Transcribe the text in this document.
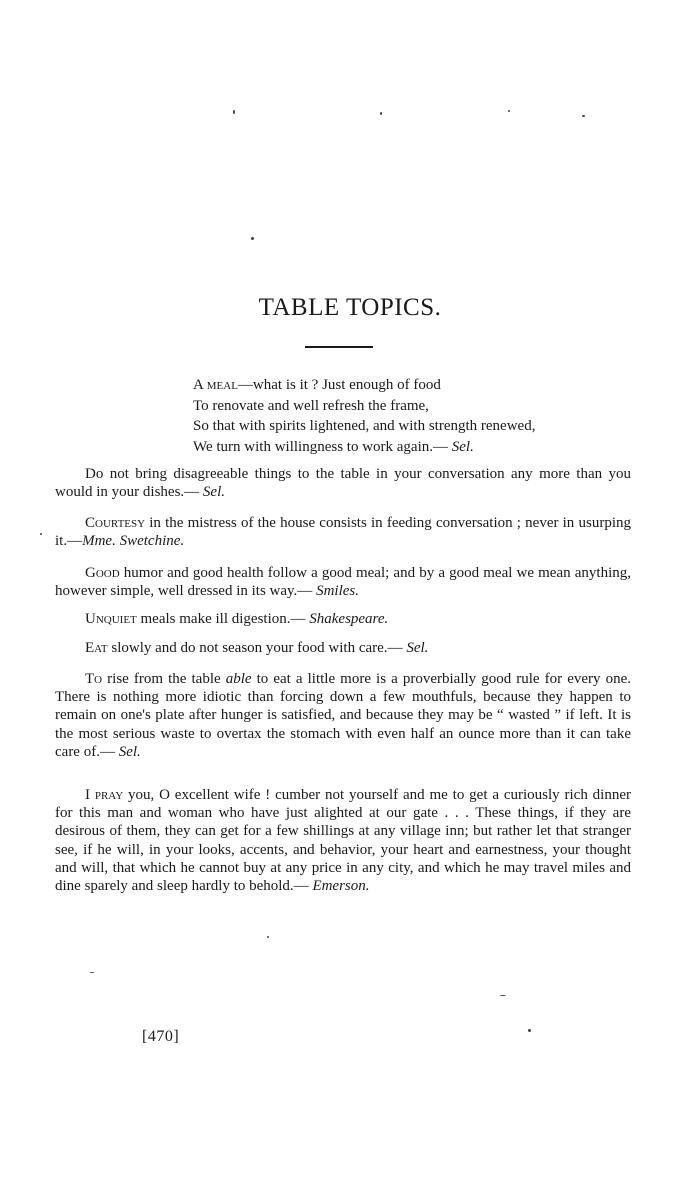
TABLE TOPICS.
A meal—what is it ? Just enough of food
To renovate and well refresh the frame,
So that with spirits lightened, and with strength renewed,
We turn with willingness to work again.— Sel.

Do not bring disagreeable things to the table in your conversation any more than you would in your dishes.— Sel.

Courtesy in the mistress of the house consists in feeding conversation ; never in usurping it.—Mme. Swetchine.

Good humor and good health follow a good meal; and by a good meal we mean anything, however simple, well dressed in its way.— Smiles.

Unquiet meals make ill digestion.— Shakespeare.

Eat slowly and do not season your food with care.— Sel.

To rise from the table able to eat a little more is a proverbially good rule for every one. There is nothing more idiotic than forcing down a few mouthfuls, because they happen to remain on one's plate after hunger is satisfied, and because they may be “ wasted ” if left. It is the most serious waste to overtax the stomach with even half an ounce more than it can take care of.— Sel.

I pray you, O excellent wife ! cumber not yourself and me to get a curiously rich dinner for this man and woman who have just alighted at our gate . . . These things, if they are desirous of them, they can get for a few shillings at any village inn; but rather let that stranger see, if he will, in your looks, accents, and behavior, your heart and earnestness, your thought and will, that which he cannot buy at any price in any city, and which he may travel miles and dine sparely and sleep hardly to behold.— Emerson.

[470]
